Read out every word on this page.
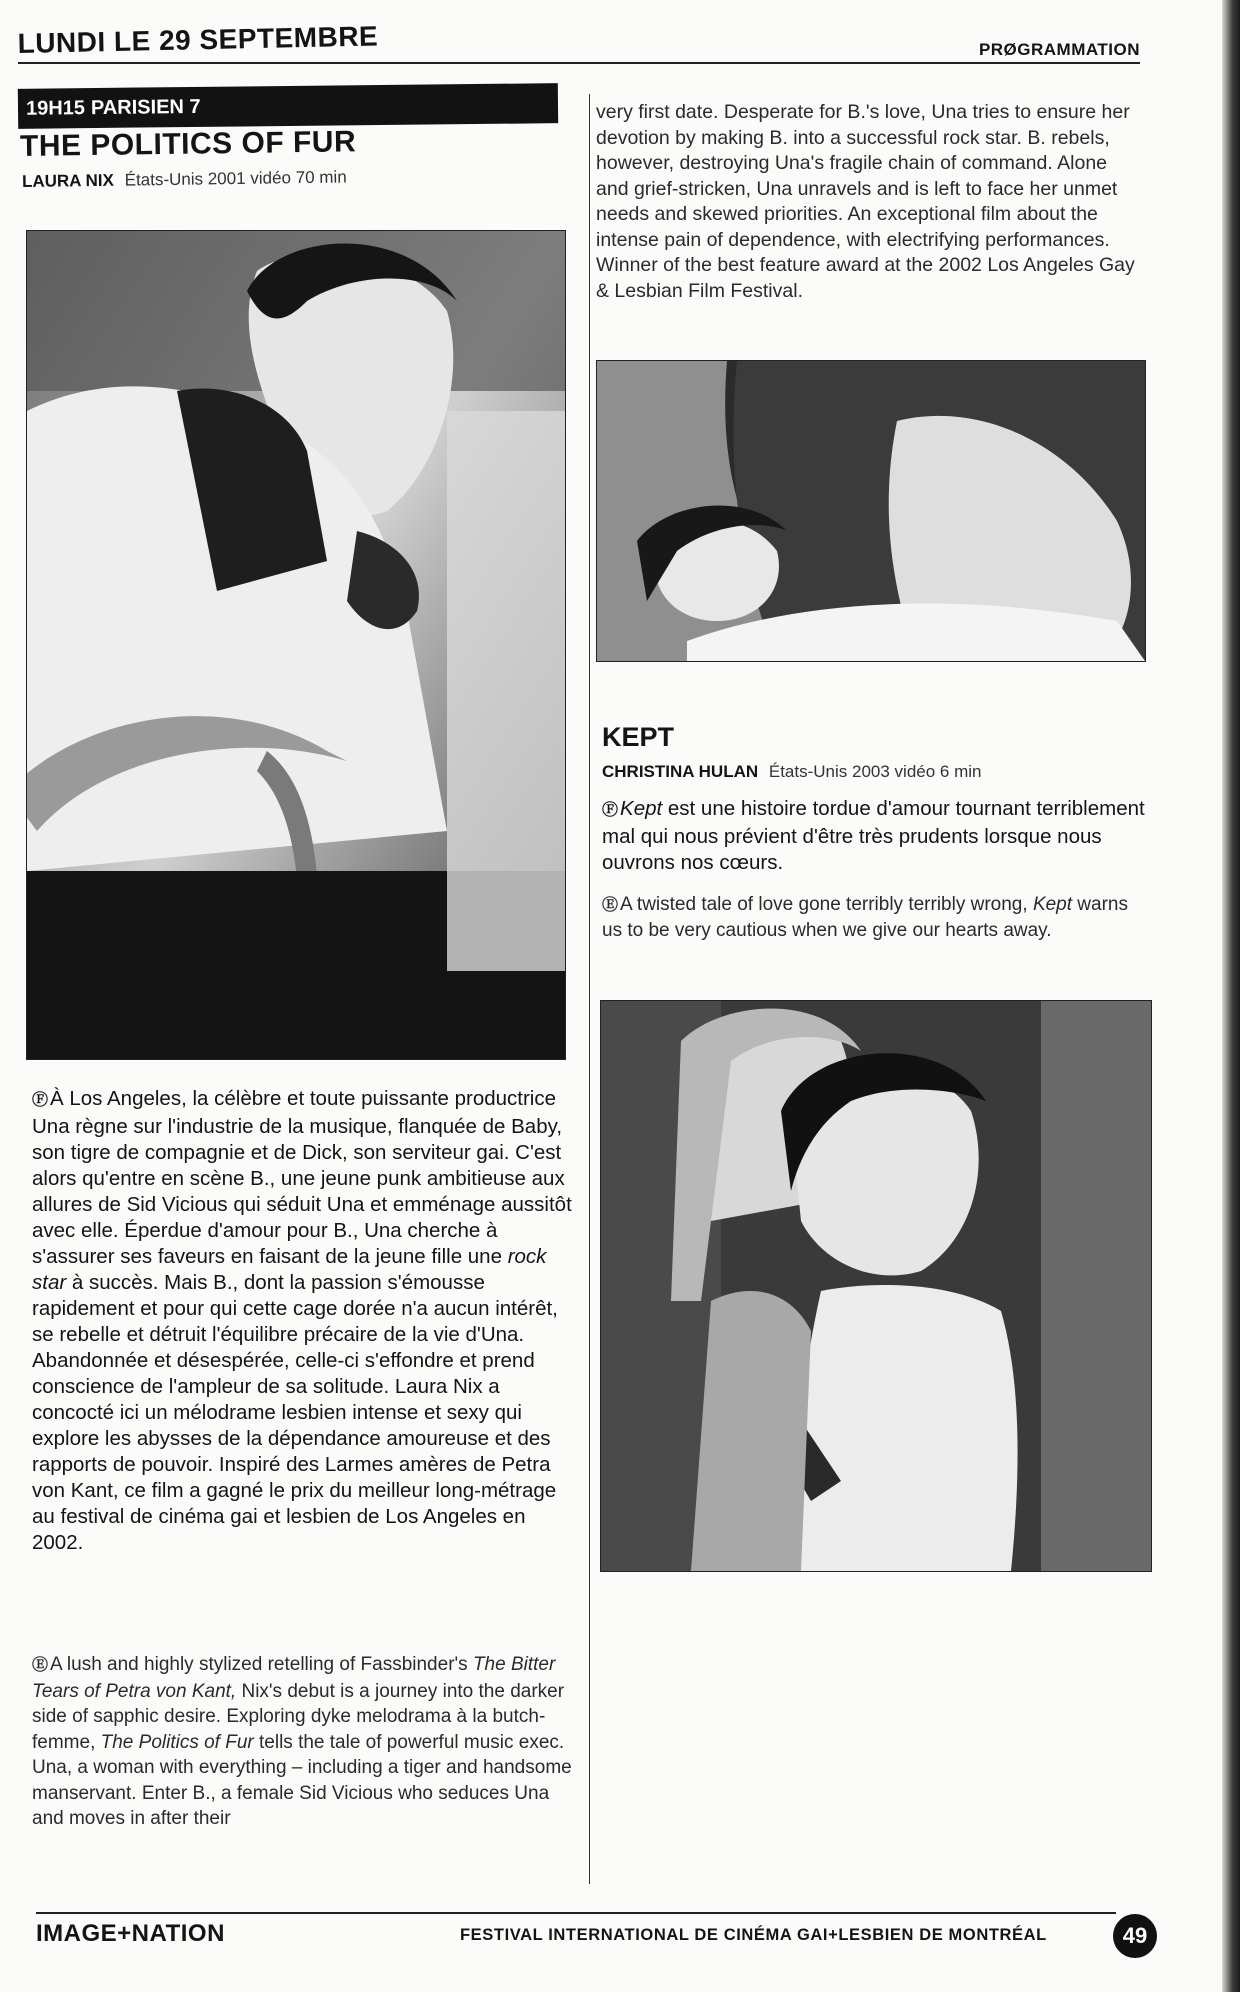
LUNDI LE 29 SEPTEMBRE	PRØGRAMMATION
19H15 PARISIEN 7
THE POLITICS OF FUR
LAURA NIX États-Unis 2001 vidéo 70 min
ⒻÀ Los Angeles, la célèbre et toute puissante productrice Una règne sur l'industrie de la musique, flanquée de Baby, son tigre de compagnie et de Dick, son serviteur gai. C'est alors qu'entre en scène B., une jeune punk ambitieuse aux allures de Sid Vicious qui séduit Una et emménage aussitôt avec elle. Éperdue d'amour pour B., Una cherche à s'assurer ses faveurs en faisant de la jeune fille une rock star à succès. Mais B., dont la passion s'émousse rapidement et pour qui cette cage dorée n'a aucun intérêt, se rebelle et détruit l'équilibre précaire de la vie d'Una. Abandonnée et désespérée, celle-ci s'effondre et prend conscience de l'ampleur de sa solitude. Laura Nix a concocté ici un mélodrame lesbien intense et sexy qui explore les abysses de la dépendance amoureuse et des rapports de pouvoir. Inspiré des Larmes amères de Petra von Kant, ce film a gagné le prix du meilleur long-métrage au festival de cinéma gai et lesbien de Los Angeles en 2002.
Ⓔ A lush and highly stylized retelling of Fassbinder's The Bitter Tears of Petra von Kant, Nix's debut is a journey into the darker side of sapphic desire. Exploring dyke melodrama à la butch-femme, The Politics of Fur tells the tale of powerful music exec. Una, a woman with everything – including a tiger and handsome manservant. Enter B., a female Sid Vicious who seduces Una and moves in after their
very first date. Desperate for B.'s love, Una tries to ensure her devotion by making B. into a successful rock star. B. rebels, however, destroying Una's fragile chain of command. Alone and grief-stricken, Una unravels and is left to face her unmet needs and skewed priorities. An exceptional film about the intense pain of dependence, with electrifying performances. Winner of the best feature award at the 2002 Los Angeles Gay & Lesbian Film Festival.
KEPT
CHRISTINA HULAN États-Unis 2003 vidéo 6 min
ⒻKept est une histoire tordue d'amour tournant terriblement mal qui nous prévient d'être très prudents lorsque nous ouvrons nos cœurs.
Ⓔ A twisted tale of love gone terribly terribly wrong, Kept warns us to be very cautious when we give our hearts away.
IMAGE+NATION	FESTIVAL INTERNATIONAL DE CINÉMA GAI+LESBIEN DE MONTRÉAL	49
